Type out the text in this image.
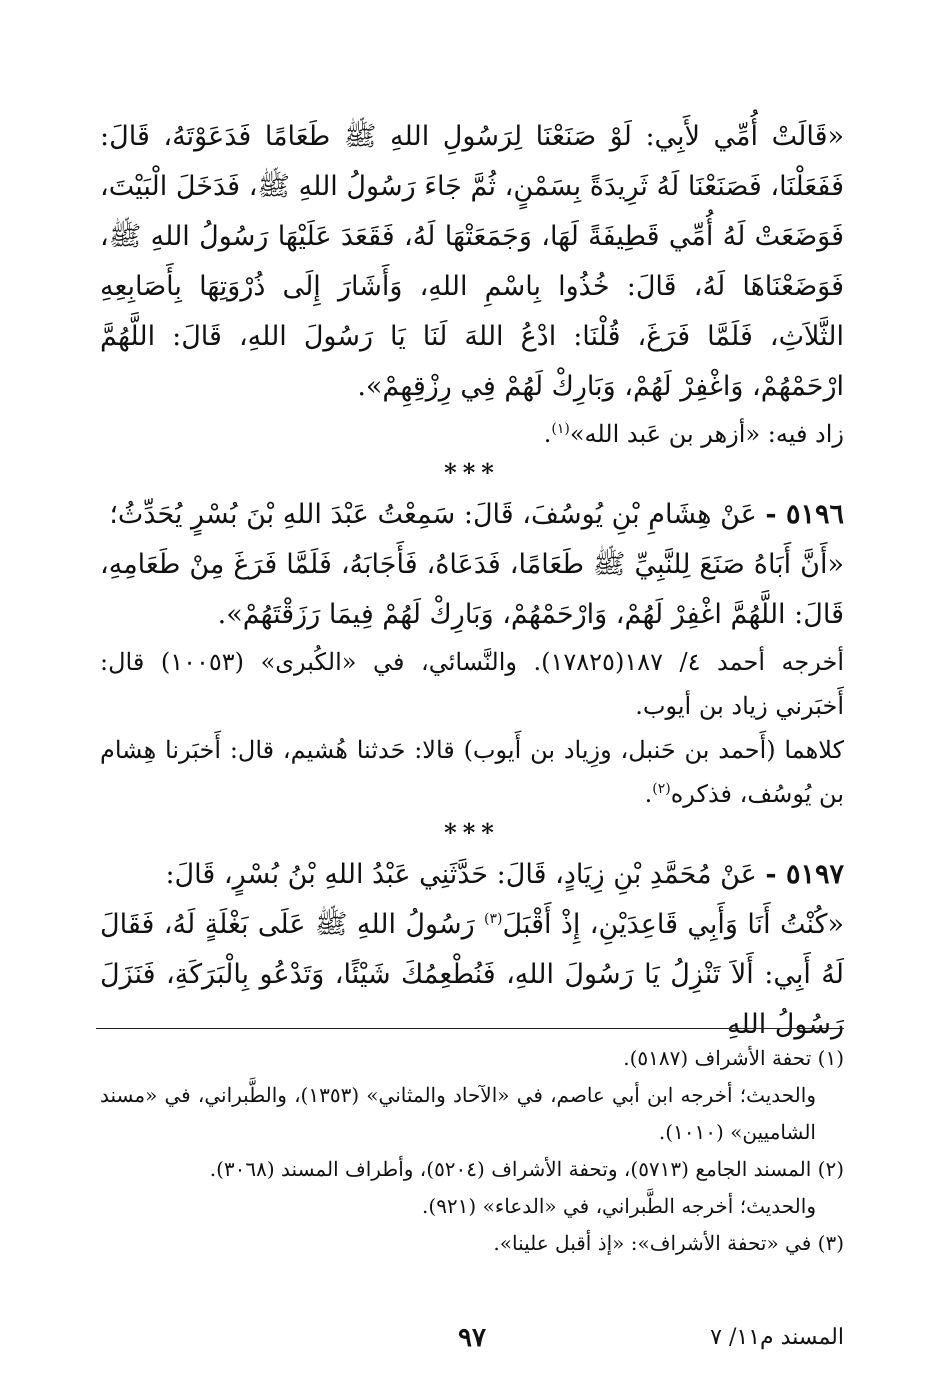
«قَالَتْ أُمِّي لأَبِي: لَوْ صَنَعْنَا لِرَسُولِ اللهِ ﷺ طَعَامًا فَدَعَوْتَهُ، قَالَ: فَفَعَلْنَا، فَصَنَعْنَا لَهُ ثَرِيدَةً بِسَمْنٍ، ثُمَّ جَاءَ رَسُولُ اللهِ ﷺ، فَدَخَلَ الْبَيْتَ، فَوَضَعَتْ لَهُ أُمِّي قَطِيفَةً لَهَا، وَجَمَعَتْهَا لَهُ، فَقَعَدَ عَلَيْهَا رَسُولُ اللهِ ﷺ، فَوَضَعْنَاهَا لَهُ، قَالَ: خُذُوا بِاسْمِ اللهِ، وَأَشَارَ إِلَى ذُرْوَتِهَا بِأَصَابِعِهِ الثَّلاَثِ، فَلَمَّا فَرَغَ، قُلْنَا: ادْعُ اللهَ لَنَا يَا رَسُولَ اللهِ، قَالَ: اللَّهُمَّ ارْحَمْهُمْ، وَاغْفِرْ لَهُمْ، وَبَارِكْ لَهُمْ فِي رِزْقِهِمْ».

زاد فيه: «أزهر بن عَبد الله»$^{(١)}$.

***

٥١٩٦ - عَنْ هِشَامِ بْنِ يُوسُفَ، قَالَ: سَمِعْتُ عَبْدَ اللهِ بْنَ بُسْرٍ يُحَدِّثُ؛

«أَنَّ أَبَاهُ صَنَعَ لِلنَّبِيِّ ﷺ طَعَامًا، فَدَعَاهُ، فَأَجَابَهُ، فَلَمَّا فَرَغَ مِنْ طَعَامِهِ، قَالَ: اللَّهُمَّ اغْفِرْ لَهُمْ، وَارْحَمْهُمْ، وَبَارِكْ لَهُمْ فِيمَا رَزَقْتَهُمْ».

أخرجه أحمد ٤/ ١٨٧(١٧٨٢٥). والنَّسائي، في «الكُبرى» (١٠٠٥٣) قال: أَخبَرني زياد بن أيوب.

كلاهما (أَحمد بن حَنبل، وزِياد بن أَيوب) قالا: حَدثنا هُشيم، قال: أَخبَرنا هِشام بن يُوسُف، فذكره$^{(٢)}$.

***

٥١٩٧ - عَنْ مُحَمَّدِ بْنِ زِيَادٍ، قَالَ: حَدَّثَنِي عَبْدُ اللهِ بْنُ بُسْرٍ، قَالَ:

«كُنْتُ أَنَا وَأَبِي قَاعِدَيْنِ، إِذْ أَقْبَلَ$^{(٣)}$ رَسُولُ اللهِ ﷺ عَلَى بَغْلَةٍ لَهُ، فَقَالَ لَهُ أَبِي: أَلاَ تَنْزِلُ يَا رَسُولَ اللهِ، فَنُطْعِمُكَ شَيْئًا، وَتَدْعُو بِالْبَرَكَةِ، فَنَزَلَ رَسُولُ اللهِ

(١) تحفة الأشراف (٥١٨٧).

والحديث؛ أخرجه ابن أبي عاصم، في «الآحاد والمثاني» (١٣٥٣)، والطَّبراني، في «مسند الشاميين» (١٠١٠).

(٢) المسند الجامع (٥٧١٣)، وتحفة الأشراف (٥٢٠٤)، وأطراف المسند (٣٠٦٨).

والحديث؛ أخرجه الطَّبراني، في «الدعاء» (٩٢١).

(٣) في «تحفة الأشراف»: «إذ أقبل علينا».

المسند م١١/ ٧
٩٧
